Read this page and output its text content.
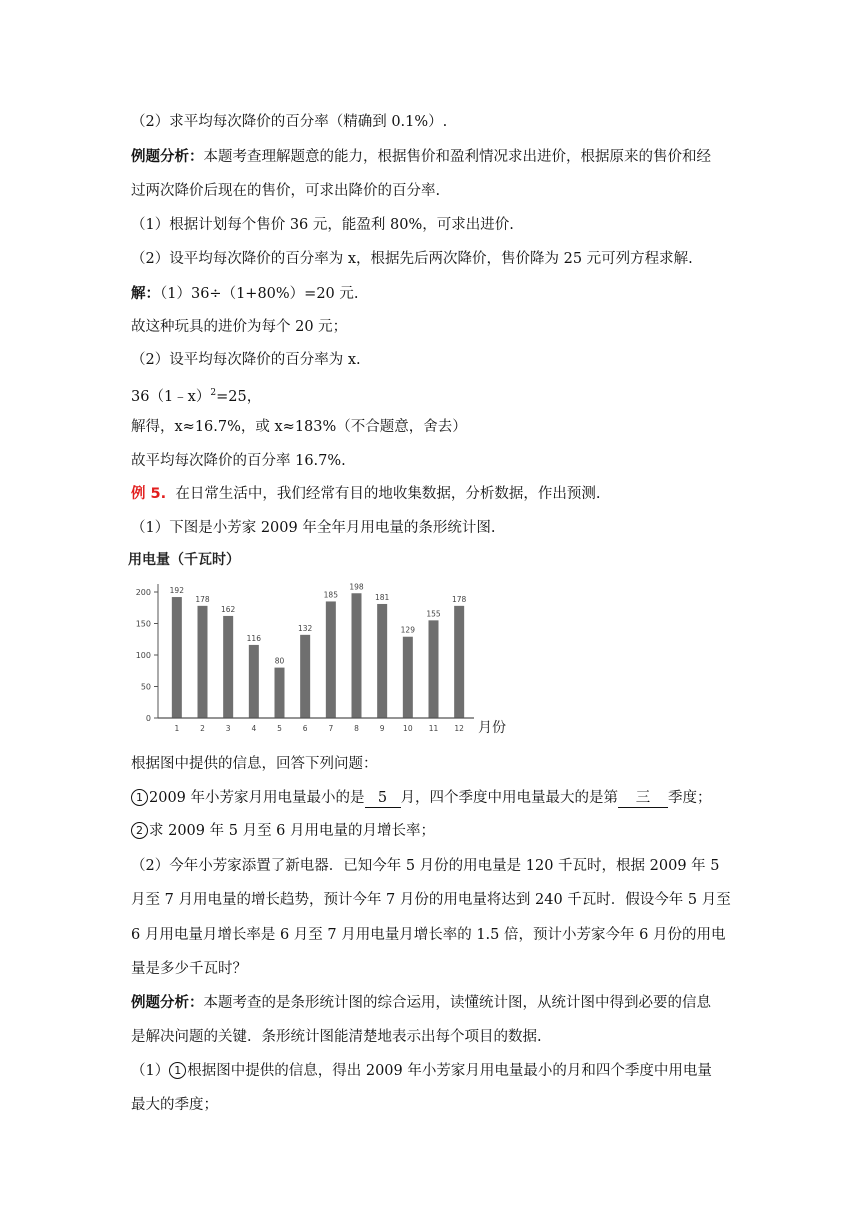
（2）求平均每次降价的百分率（精确到 0.1%）.
例题分析：本题考查理解题意的能力，根据售价和盈利情况求出进价，根据原来的售价和经
过两次降价后现在的售价，可求出降价的百分率.
（1）根据计划每个售价 36 元，能盈利 80%，可求出进价.
（2）设平均每次降价的百分率为 x，根据先后两次降价，售价降为 25 元可列方程求解.
解：（1）36÷（1+80%）=20 元.
故这种玩具的进价为每个 20 元；
（2）设平均每次降价的百分率为 x.
36（1﹣x）$^2$=25，
解得，x≈16.7%，或 x≈183%（不合题意，舍去）
故平均每次降价的百分率 16.7%.
例 5. 在日常生活中，我们经常有目的地收集数据，分析数据，作出预测.
（1）下图是小芳家 2009 年全年月用电量的条形统计图.
用电量（千瓦时）
0
50
100
150
200 192
178
162
116
80
132
185
198
181
129
155
178
1	2	3	4	5	6	7	8	9 10 11 12 月份
根据图中提供的信息，回答下列问题：
1 2009 年小芳家月用电量最小的是 5 月，四个季度中用电量最大的是第 三 季度；
2 求 2009 年 5 月至 6 月用电量的月增长率；
（2）今年小芳家添置了新电器．已知今年 5 月份的用电量是 120 千瓦时，根据 2009 年 5
月至 7 月用电量的增长趋势，预计今年 7 月份的用电量将达到 240 千瓦时．假设今年 5 月至
6 月用电量月增长率是 6 月至 7 月用电量月增长率的 1.5 倍，预计小芳家今年 6 月份的用电
量是多少千瓦时？
例题分析：本题考查的是条形统计图的综合运用，读懂统计图，从统计图中得到必要的信息
是解决问题的关键．条形统计图能清楚地表示出每个项目的数据.
（1） 1 根据图中提供的信息，得出 2009 年小芳家月用电量最小的月和四个季度中用电量
最大的季度；
